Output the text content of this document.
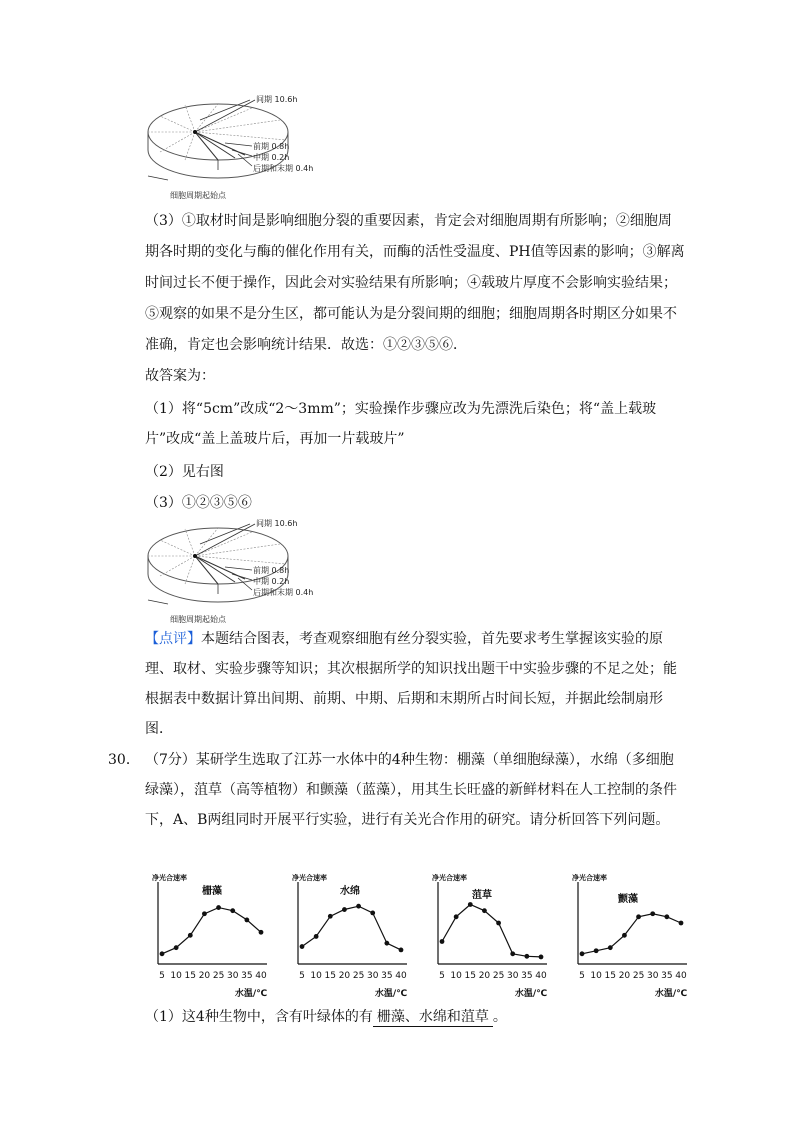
间期 10.6h
前期 0.8h
中期 0.2h
后期和末期 0.4h
细胞周期起始点
（3）①取材时间是影响细胞分裂的重要因素，肯定会对细胞周期有所影响；②细胞周期各时期的变化与酶的催化作用有关，而酶的活性受温度、PH值等因素的影响；③解离时间过长不便于操作，因此会对实验结果有所影响；④载玻片厚度不会影响实验结果；⑤观察的如果不是分生区，都可能认为是分裂间期的细胞；细胞周期各时期区分如果不准确，肯定也会影响统计结果．故选：①②③⑤⑥．
故答案为：
（1）将“5cm”改成“2～3mm”；实验操作步骤应改为先漂洗后染色；将“盖上载玻片”改成“盖上盖玻片后，再加一片载玻片”
（2）见右图
（3）①②③⑤⑥
间期 10.6h
前期 0.8h
中期 0.2h
后期和末期 0.4h
细胞周期起始点
【点评】本题结合图表，考查观察细胞有丝分裂实验，首先要求考生掌握该实验的原理、取材、实验步骤等知识；其次根据所学的知识找出题干中实验步骤的不足之处；能根据表中数据计算出间期、前期、中期、后期和末期所占时间长短，并据此绘制扇形图．
30． （7分）某研学生选取了江苏一水体中的4种生物：棚藻（单细胞绿藻），水绵（多细胞绿藻），菹草（高等植物）和颤藻（蓝藻），用其生长旺盛的新鲜材料在人工控制的条件下，A、B两组同时开展平行实验，进行有关光合作用的研究。请分析回答下列问题。
净光合速率
栅藻
5 10 15 20 25 30 35 40
水温/℃
净光合速率
水绵
5 10 15 20 25 30 35 40
水温/℃
净光合速率
菹草
5 10 15 20 25 30 35 40
水温/℃
净光合速率
颤藻
5 10 15 20 25 30 35 40
水温/℃
（1）这4种生物中，含有叶绿体的有 栅藻、水绵和菹草 。
